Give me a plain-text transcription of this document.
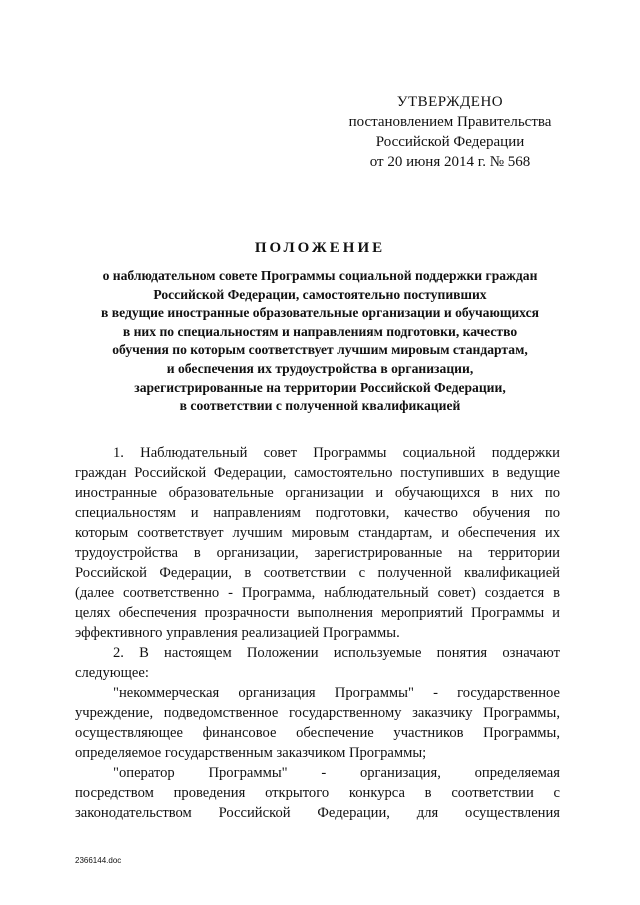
УТВЕРЖДЕНО
постановлением Правительства
Российской Федерации
от 20 июня 2014 г. № 568
ПОЛОЖЕНИЕ
о наблюдательном совете Программы социальной поддержки граждан
Российской Федерации, самостоятельно поступивших
в ведущие иностранные образовательные организации и обучающихся
в них по специальностям и направлениям подготовки, качество
обучения по которым соответствует лучшим мировым стандартам,
и обеспечения их трудоустройства в организации,
зарегистрированные на территории Российской Федерации,
в соответствии с полученной квалификацией
1. Наблюдательный совет Программы социальной поддержки
граждан Российской Федерации, самостоятельно поступивших в ведущие
иностранные образовательные организации и обучающихся в них по
специальностям и направлениям подготовки, качество обучения по
которым соответствует лучшим мировым стандартам, и обеспечения их
трудоустройства в организации, зарегистрированные на территории
Российской Федерации, в соответствии с полученной квалификацией
(далее соответственно - Программа, наблюдательный совет) создается в
целях обеспечения прозрачности выполнения мероприятий Программы и
эффективного управления реализацией Программы.
2. В настоящем Положении используемые понятия означают
следующее:
"некоммерческая организация Программы" - государственное
учреждение, подведомственное государственному заказчику Программы,
осуществляющее финансовое обеспечение участников Программы,
определяемое государственным заказчиком Программы;
"оператор Программы" - организация, определяемая
посредством проведения открытого конкурса в соответствии с
законодательством Российской Федерации, для осуществления
2366144.doc
